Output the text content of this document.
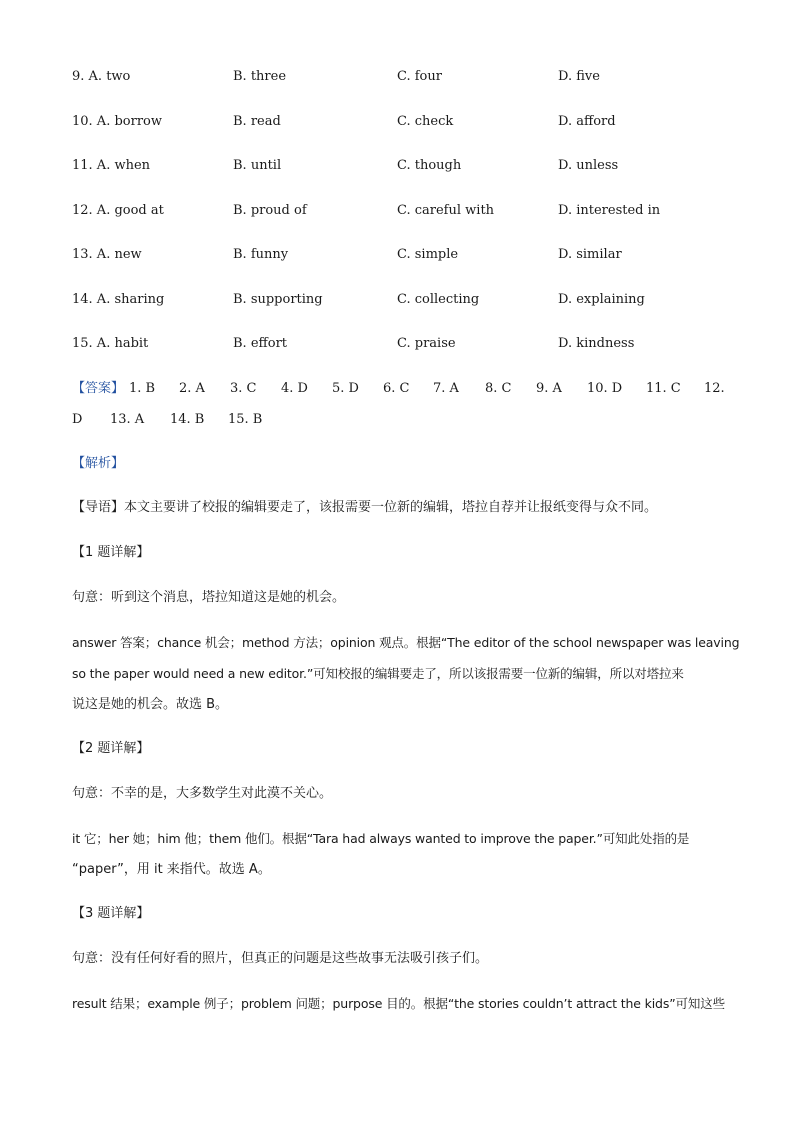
9. A. two	B. three	C. four	D. five
10. A. borrow	B. read	C. check	D. afford
11. A. when	B. until	C. though	D. unless
12. A. good at	B. proud of	C. careful with	D. interested in
13. A. new	B. funny	C. simple	D. similar
14. A. sharing	B. supporting	C. collecting	D. explaining
15. A. habit	B. effort	C. praise	D. kindness
【答案】 1. B 2. A 3. C 4. D 5. D 6. C 7. A 8. C 9. A 10. D 11. C 12.
D 13. A 14. B 15. B
【解析】
【导语】本文主要讲了校报的编辑要走了，该报需要一位新的编辑，塔拉自荐并让报纸变得与众不同。
【1 题详解】
句意：听到这个消息，塔拉知道这是她的机会。
answer 答案；chance 机会；method 方法；opinion 观点。根据“The editor of the school newspaper was leaving
so the paper would need a new editor.”可知校报的编辑要走了，所以该报需要一位新的编辑，所以对塔拉来
说这是她的机会。故选 B。
【2 题详解】
句意：不幸的是，大多数学生对此漠不关心。
it 它；her 她；him 他；them 他们。根据“Tara had always wanted to improve the paper.”可知此处指的是
“paper”，用 it 来指代。故选 A。
【3 题详解】
句意：没有任何好看的照片，但真正的问题是这些故事无法吸引孩子们。
result 结果；example 例子；problem 问题；purpose 目的。根据“the stories couldn’t attract the kids”可知这些
